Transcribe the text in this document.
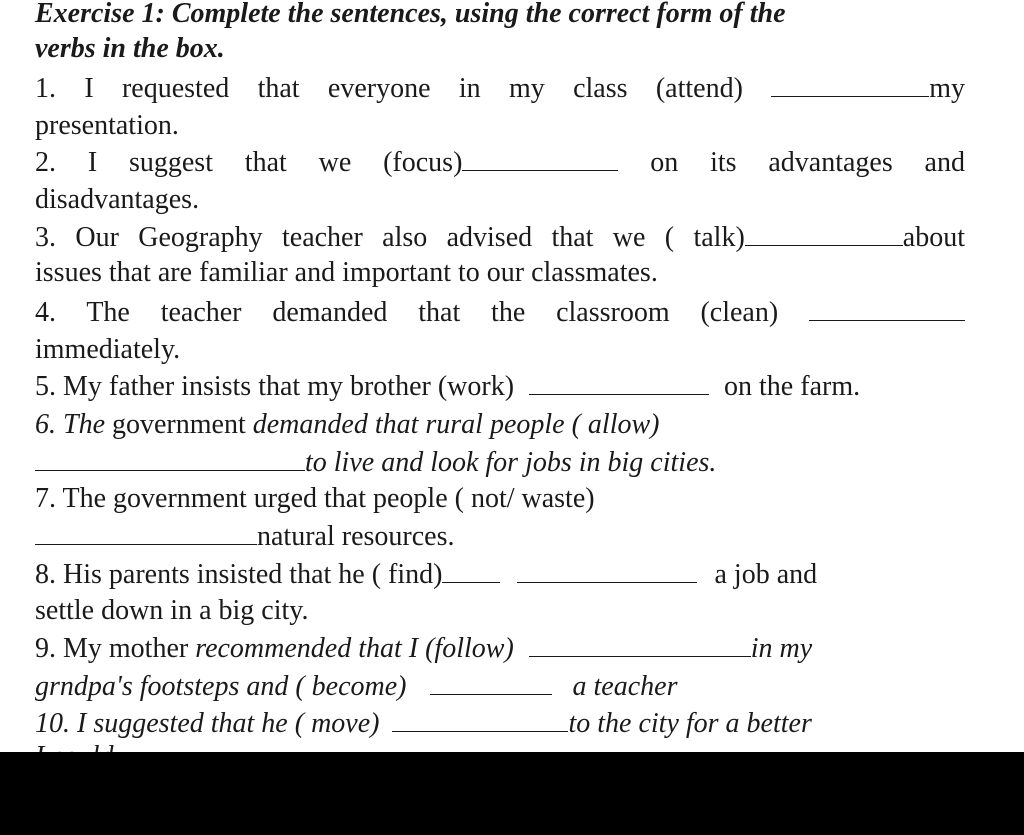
Exercise 1: Complete the sentences, using the correct form of the
verbs in the box.

1. I requested that everyone in my class (attend)	my
presentation.
2. I suggest that we (focus)	on its advantages and
disadvantages.
3. Our Geography teacher also advised that we ( talk)	about
issues that are familiar and important to our classmates.
4. The teacher demanded that the classroom (clean)
immediately.
5. My father insists that my brother (work)	on the farm.
6. The government demanded that rural people ( allow)
to live and look for jobs in big cities.
7. The government urged that people ( not/ waste)
natural resources.
8. His parents insisted that he ( find)	a job and
settle down in a big city.
9. My mother recommended that I (follow)	in my
grndpa's footsteps and ( become)	a teacher
10. I suggested that he ( move)	to the city for a better
